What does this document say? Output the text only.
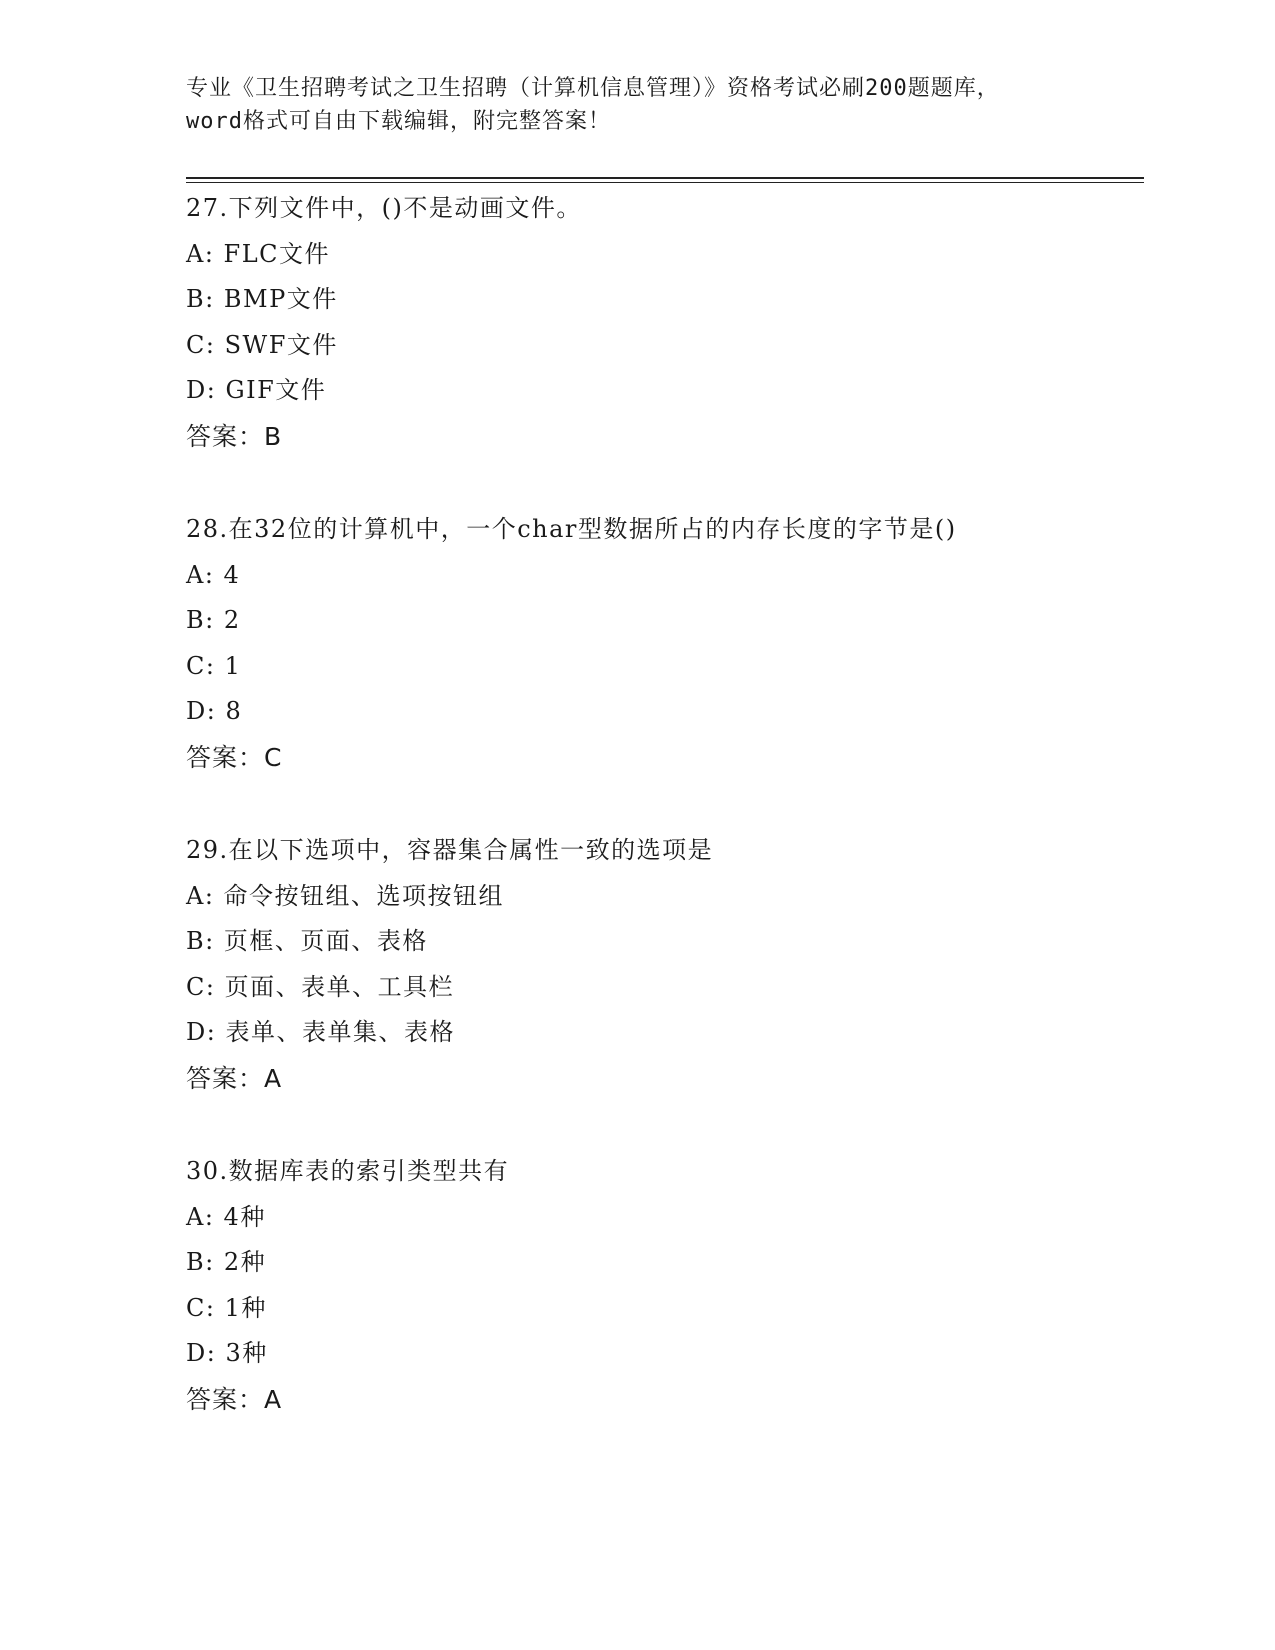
专业《卫生招聘考试之卫生招聘（计算机信息管理）》资格考试必刷200题题库，
word格式可自由下载编辑，附完整答案！
27.下列文件中，()不是动画文件。
A: FLC文件
B: BMP文件
C: SWF文件
D: GIF文件
答案：B
28.在32位的计算机中，一个char型数据所占的内存长度的字节是()
A: 4
B: 2
C: 1
D: 8
答案：C
29.在以下选项中，容器集合属性一致的选项是
A: 命令按钮组、选项按钮组
B: 页框、页面、表格
C: 页面、表单、工具栏
D: 表单、表单集、表格
答案：A
30.数据库表的索引类型共有
A: 4种
B: 2种
C: 1种
D: 3种
答案：A
